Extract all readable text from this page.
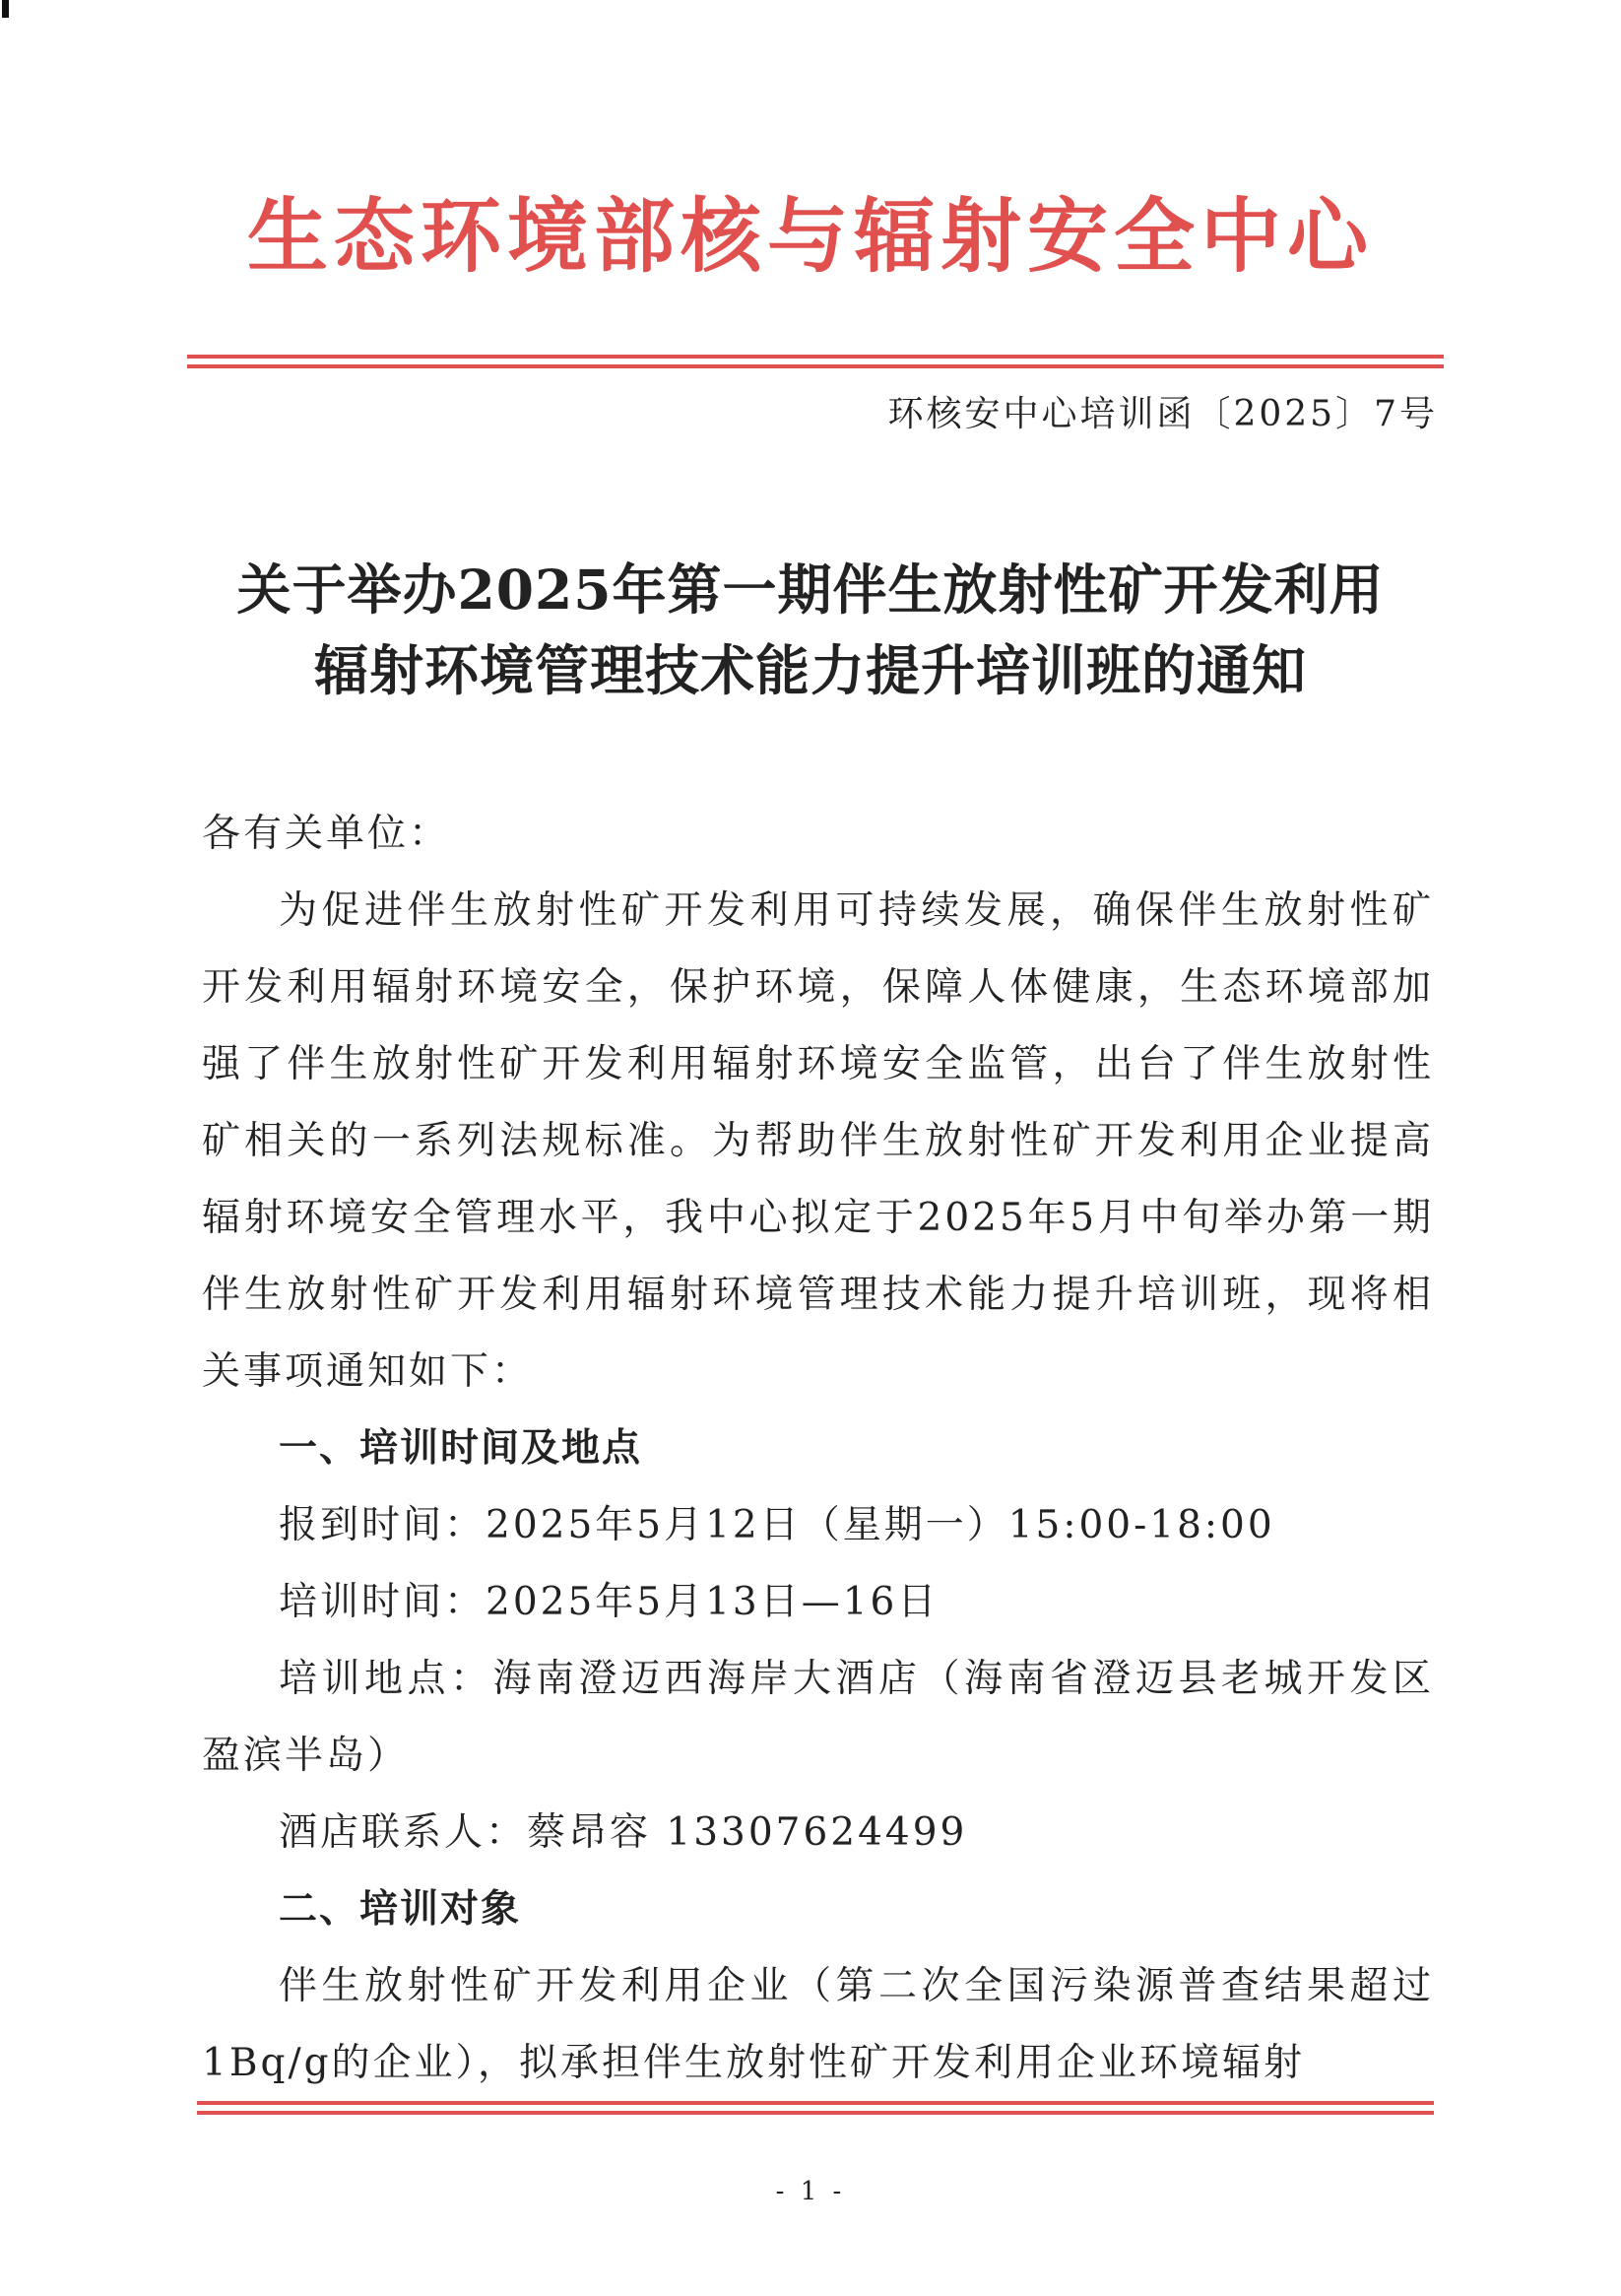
生态环境部核与辐射安全中心
环核安中心培训函〔2025〕7号
关于举办2025年第一期伴生放射性矿开发利用
辐射环境管理技术能力提升培训班的通知

各有关单位：

为促进伴生放射性矿开发利用可持续发展，确保伴生放射性矿开发利用辐射环境安全，保护环境，保障人体健康，生态环境部加强了伴生放射性矿开发利用辐射环境安全监管，出台了伴生放射性矿相关的一系列法规标准。为帮助伴生放射性矿开发利用企业提高辐射环境安全管理水平，我中心拟定于2025年5月中旬举办第一期伴生放射性矿开发利用辐射环境管理技术能力提升培训班，现将相关事项通知如下：

一、培训时间及地点

报到时间：2025年5月12日（星期一）15:00-18:00

培训时间：2025年5月13日—16日

培训地点：海南澄迈西海岸大酒店（海南省澄迈县老城开发区盈滨半岛）

酒店联系人：蔡昂容 13307624499

二、培训对象

伴生放射性矿开发利用企业（第二次全国污染源普查结果超过1Bq/g的企业），拟承担伴生放射性矿开发利用企业环境辐射

- 1 -
